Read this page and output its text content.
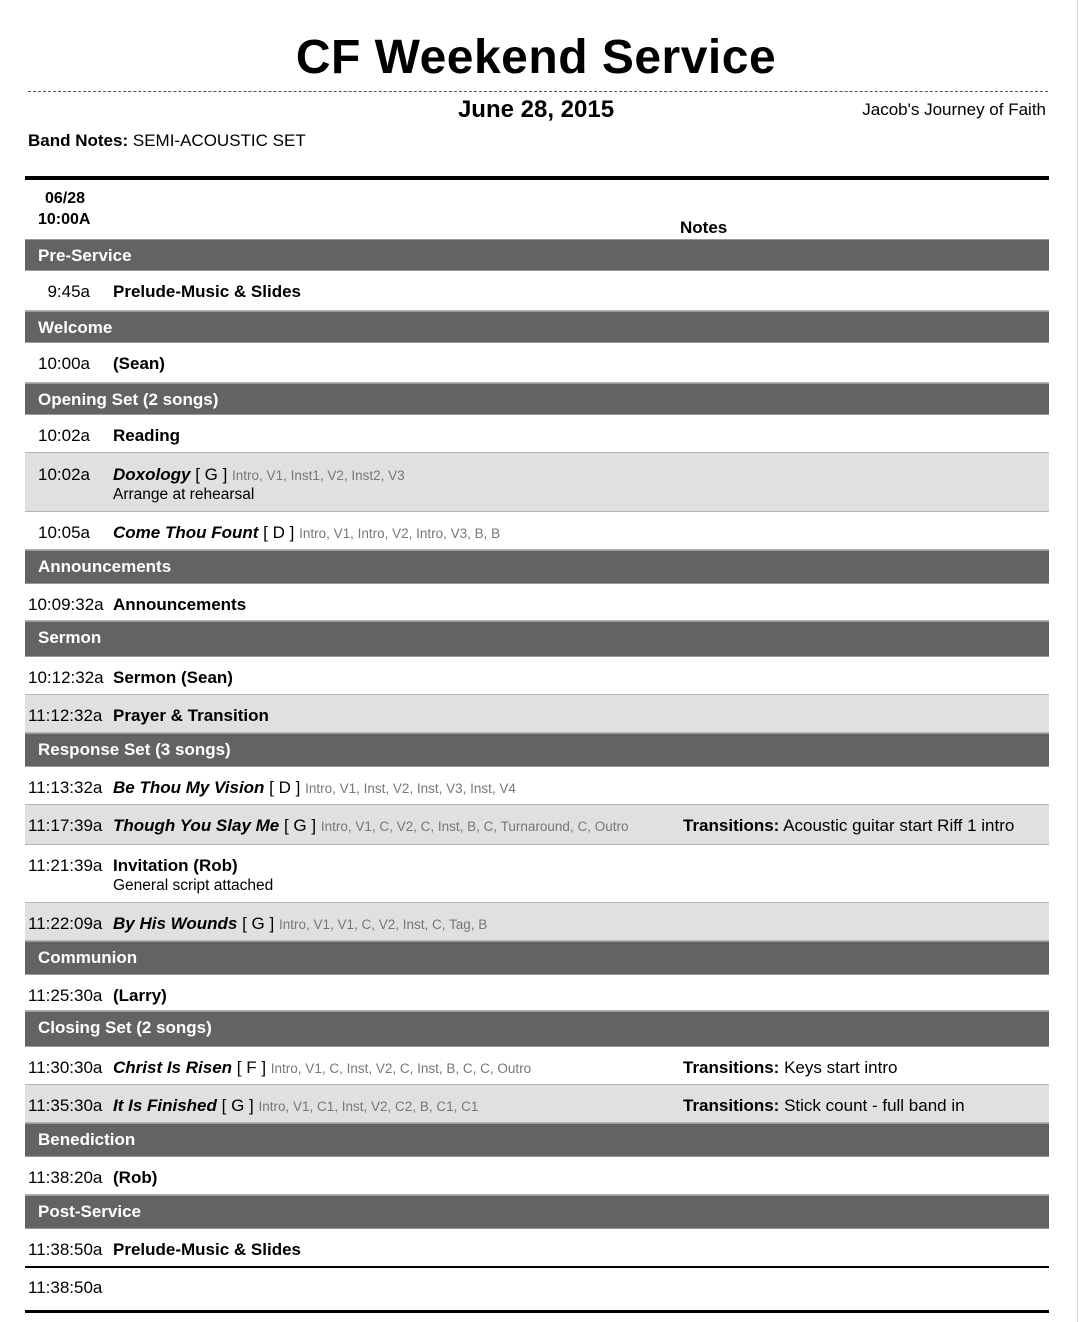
CF Weekend Service
June 28, 2015	Jacob's Journey of Faith
Band Notes: SEMI-ACOUSTIC SET
06/28
10:00A	Notes
Pre-Service
9:45a Prelude-Music & Slides
Welcome
10:00a (Sean)
Opening Set (2 songs)
10:02a Reading
10:02a Doxology [ G ] Intro, V1, Inst1, V2, Inst2, V3
Arrange at rehearsal
10:05a Come Thou Fount [ D ] Intro, V1, Intro, V2, Intro, V3, B, B
Announcements
10:09:32a Announcements
Sermon
10:12:32a Sermon (Sean)
11:12:32a Prayer & Transition
Response Set (3 songs)
11:13:32a Be Thou My Vision [ D ] Intro, V1, Inst, V2, Inst, V3, Inst, V4
11:17:39a Though You Slay Me [ G ] Intro, V1, C, V2, C, Inst, B, C, Turnaround, C, Outro	Transitions: Acoustic guitar start Riff 1 intro
11:21:39a Invitation (Rob)
General script attached
11:22:09a By His Wounds [ G ] Intro, V1, V1, C, V2, Inst, C, Tag, B
Communion
11:25:30a (Larry)
Closing Set (2 songs)
11:30:30a Christ Is Risen [ F ] Intro, V1, C, Inst, V2, C, Inst, B, C, C, Outro	Transitions: Keys start intro
11:35:30a It Is Finished [ G ] Intro, V1, C1, Inst, V2, C2, B, C1, C1	Transitions: Stick count - full band in
Benediction
11:38:20a (Rob)
Post-Service
11:38:50a Prelude-Music & Slides
11:38:50a
